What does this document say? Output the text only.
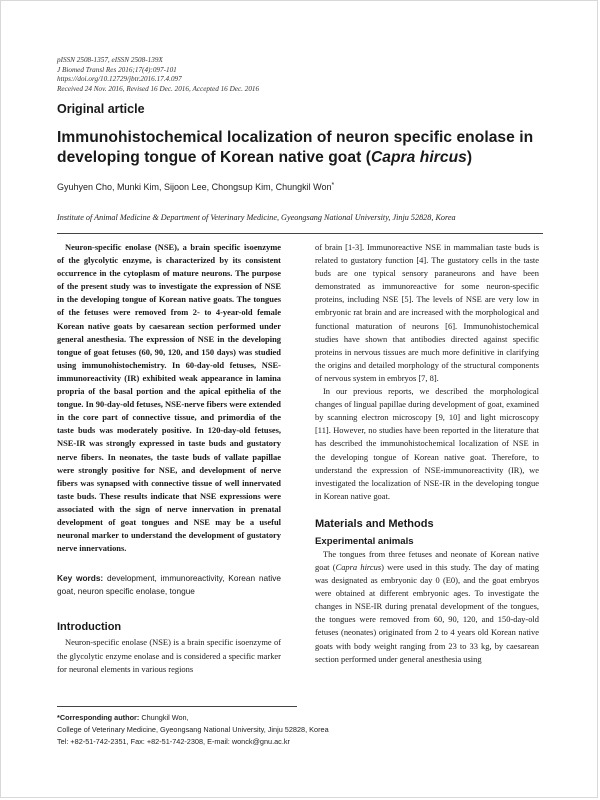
pISSN 2508-1357, eISSN 2508-139X
J Biomed Transl Res 2016;17(4):097-101
https://doi.org/10.12729/jbtr.2016.17.4.097
Received 24 Nov. 2016, Revised 16 Dec. 2016, Accepted 16 Dec. 2016
Original article
Immunohistochemical localization of neuron specific enolase in developing tongue of Korean native goat (Capra hircus)
Gyuhyen Cho, Munki Kim, Sijoon Lee, Chongsup Kim, Chungkil Won*
Institute of Animal Medicine & Department of Veterinary Medicine, Gyeongsang National University, Jinju 52828, Korea

Neuron-specific enolase (NSE), a brain specific isoenzyme of the glycolytic enzyme, is characterized by its consistent occurrence in the cytoplasm of mature neurons. The purpose of the present study was to investigate the expression of NSE in the developing tongue of Korean native goats. The tongues of the fetuses were removed from 2- to 4-year-old female Korean native goats by caesarean section performed under general anesthesia. The expression of NSE in the developing tongue of goat fetuses (60, 90, 120, and 150 days) was studied using immunohistochemistry. In 60-day-old fetuses, NSE-immunoreactivity (IR) exhibited weak appearance in lamina propria of the basal portion and the apical epithelia of the tongue. In 90-day-old fetuses, NSE-nerve fibers were extended in the core part of connective tissue, and primordia of the taste buds was moderately positive. In 120-day-old fetuses, NSE-IR was strongly expressed in taste buds and gustatory nerve fibers. In neonates, the taste buds of vallate papillae were strongly positive for NSE, and development of nerve fibers was synapsed with connective tissue of well innervated taste buds. These results indicate that NSE expressions were associated with the sign of nerve innervation in prenatal development of goat tongues and NSE may be a useful neuronal marker to understand the development of gustatory nerve innervations.

Key words: development, immunoreactivity, Korean native goat, neuron specific enolase, tongue

Introduction

Neuron-specific enolase (NSE) is a brain specific isoenzyme of the glycolytic enzyme enolase and is considered a specific marker for neuronal elements in various regions

of brain [1-3]. Immunoreactive NSE in mammalian taste buds is related to gustatory function [4]. The gustatory cells in the taste buds are one typical sensory paraneurons and have been demonstrated as immunoreactive for some neuron-specific proteins, including NSE [5]. The levels of NSE are very low in embryonic rat brain and are increased with the morphological and functional maturation of neurons [6]. Immunohistochemical studies have shown that antibodies directed against specific proteins in nervous tissues are much more definitive in clarifying the origins and detailed morphology of the structural components of nervous system in embryos [7, 8].

In our previous reports, we described the morphological changes of lingual papillae during development of goat, examined by scanning electron microscopy [9, 10] and light microscopy [11]. However, no studies have been reported in the literature that has described the immunohistochemical localization of NSE in the developing tongue of Korean native goat. Therefore, to understand the expression of NSE-immunoreactivity (IR), we investigated the localization of NSE-IR in the developing tongue in Korean native goat.

Materials and Methods
Experimental animals

The tongues from three fetuses and neonate of Korean native goat (Capra hircus) were used in this study. The day of mating was designated as embryonic day 0 (E0), and the goat embryos were obtained at different embryonic ages. To investigate the changes in NSE-IR during prenatal development of the tongues, the tongues were removed from 60, 90, 120, and 150-day-old fetuses (neonates) originated from 2 to 4 years old Korean native goats with body weight ranging from 23 to 33 kg, by caesarean section performed under general anesthesia using

*Corresponding author: Chungkil Won,
College of Veterinary Medicine, Gyeongsang National University, Jinju 52828, Korea
Tel: +82-51-742-2351, Fax: +82-51-742-2308, E-mail: wonck@gnu.ac.kr
